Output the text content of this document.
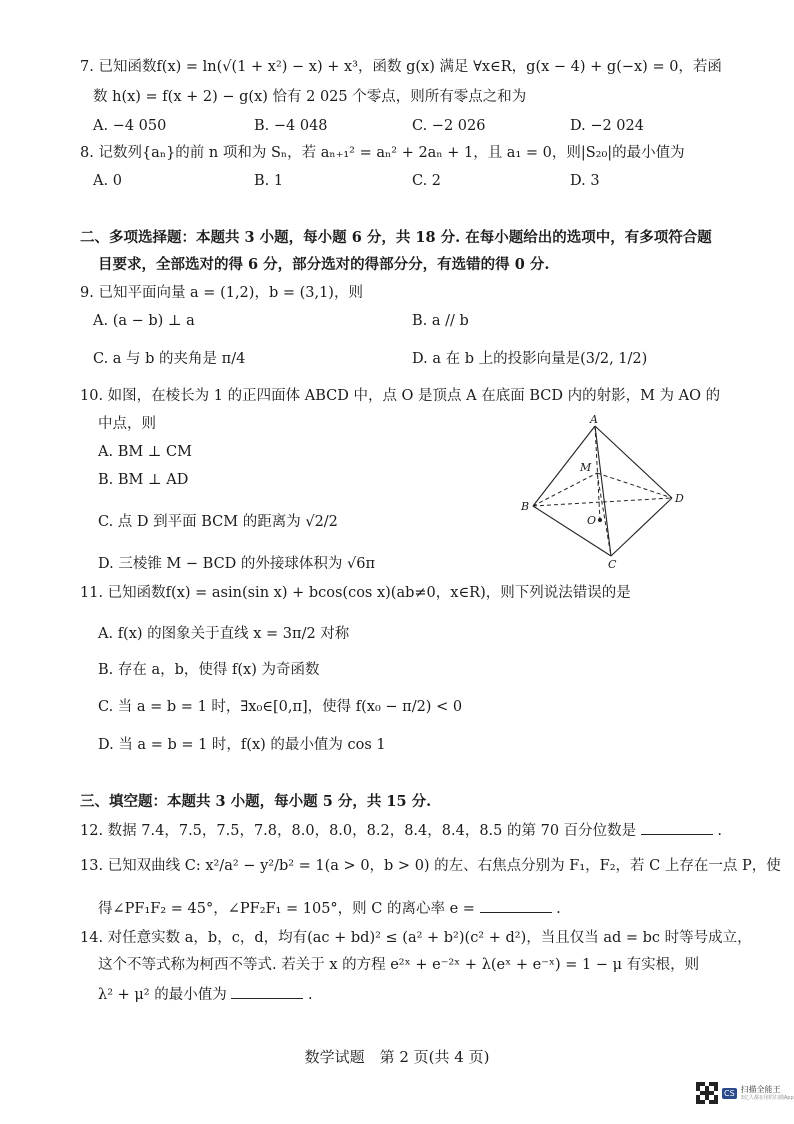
7. 已知函数f(x) = ln(√(1 + x²) − x) + x³，函数 g(x) 满足 ∀x∈R，g(x − 4) + g(−x) = 0，若函
数 h(x) = f(x + 2) − g(x) 恰有 2 025 个零点，则所有零点之和为
A. −4 050	B. −4 048	C. −2 026	D. −2 024
8. 记数列{aₙ}的前 n 项和为 Sₙ，若 aₙ₊₁² = aₙ² + 2aₙ + 1，且 a₁ = 0，则|S₂₀|的最小值为
A. 0	B. 1	C. 2	D. 3
二、多项选择题：本题共 3 小题，每小题 6 分，共 18 分. 在每小题给出的选项中，有多项符合题
目要求，全部选对的得 6 分，部分选对的得部分分，有选错的得 0 分.
9. 已知平面向量 a = (1,2)，b = (3,1)，则
A. (a − b) ⊥ a	B. a // b
C. a 与 b 的夹角是 π/4	D. a 在 b 上的投影向量是(3/2, 1/2)
10. 如图，在棱长为 1 的正四面体 ABCD 中，点 O 是顶点 A 在底面 BCD 内的射影，M 为 AO 的
中点，则
A. BM ⊥ CM
B. BM ⊥ AD
C. 点 D 到平面 BCM 的距离为 √2/2
D. 三棱锥 M − BCD 的外接球体积为 √6π
A
B
C
D
M
O
11. 已知函数f(x) = asin(sin x) + bcos(cos x)(ab≠0，x∈R)，则下列说法错误的是
A. f(x) 的图象关于直线 x = 3π/2 对称
B. 存在 a，b，使得 f(x) 为奇函数
C. 当 a = b = 1 时，∃x₀∈[0,π]，使得 f(x₀ − π/2) < 0
D. 当 a = b = 1 时，f(x) 的最小值为 cos 1
三、填空题：本题共 3 小题，每小题 5 分，共 15 分.
12. 数据 7.4，7.5，7.5，7.8，8.0，8.0，8.2，8.4，8.4，8.5 的第 70 百分位数是	.
13. 已知双曲线 C: x²/a² − y²/b² = 1(a > 0，b > 0) 的左、右焦点分别为 F₁，F₂，若 C 上存在一点 P，使
得∠PF₁F₂ = 45°，∠PF₂F₁ = 105°，则 C 的离心率 e =	.
14. 对任意实数 a，b，c，d，均有(ac + bd)² ≤ (a² + b²)(c² + d²)，当且仅当 ad = bc 时等号成立，
这个不等式称为柯西不等式. 若关于 x 的方程 e²ˣ + e⁻²ˣ + λ(eˣ + e⁻ˣ) = 1 − μ 有实根，则
λ² + μ² 的最小值为	.
数学试题　第 2 页(共 4 页)
CS 扫描全能王
3亿人都在用的扫描App
